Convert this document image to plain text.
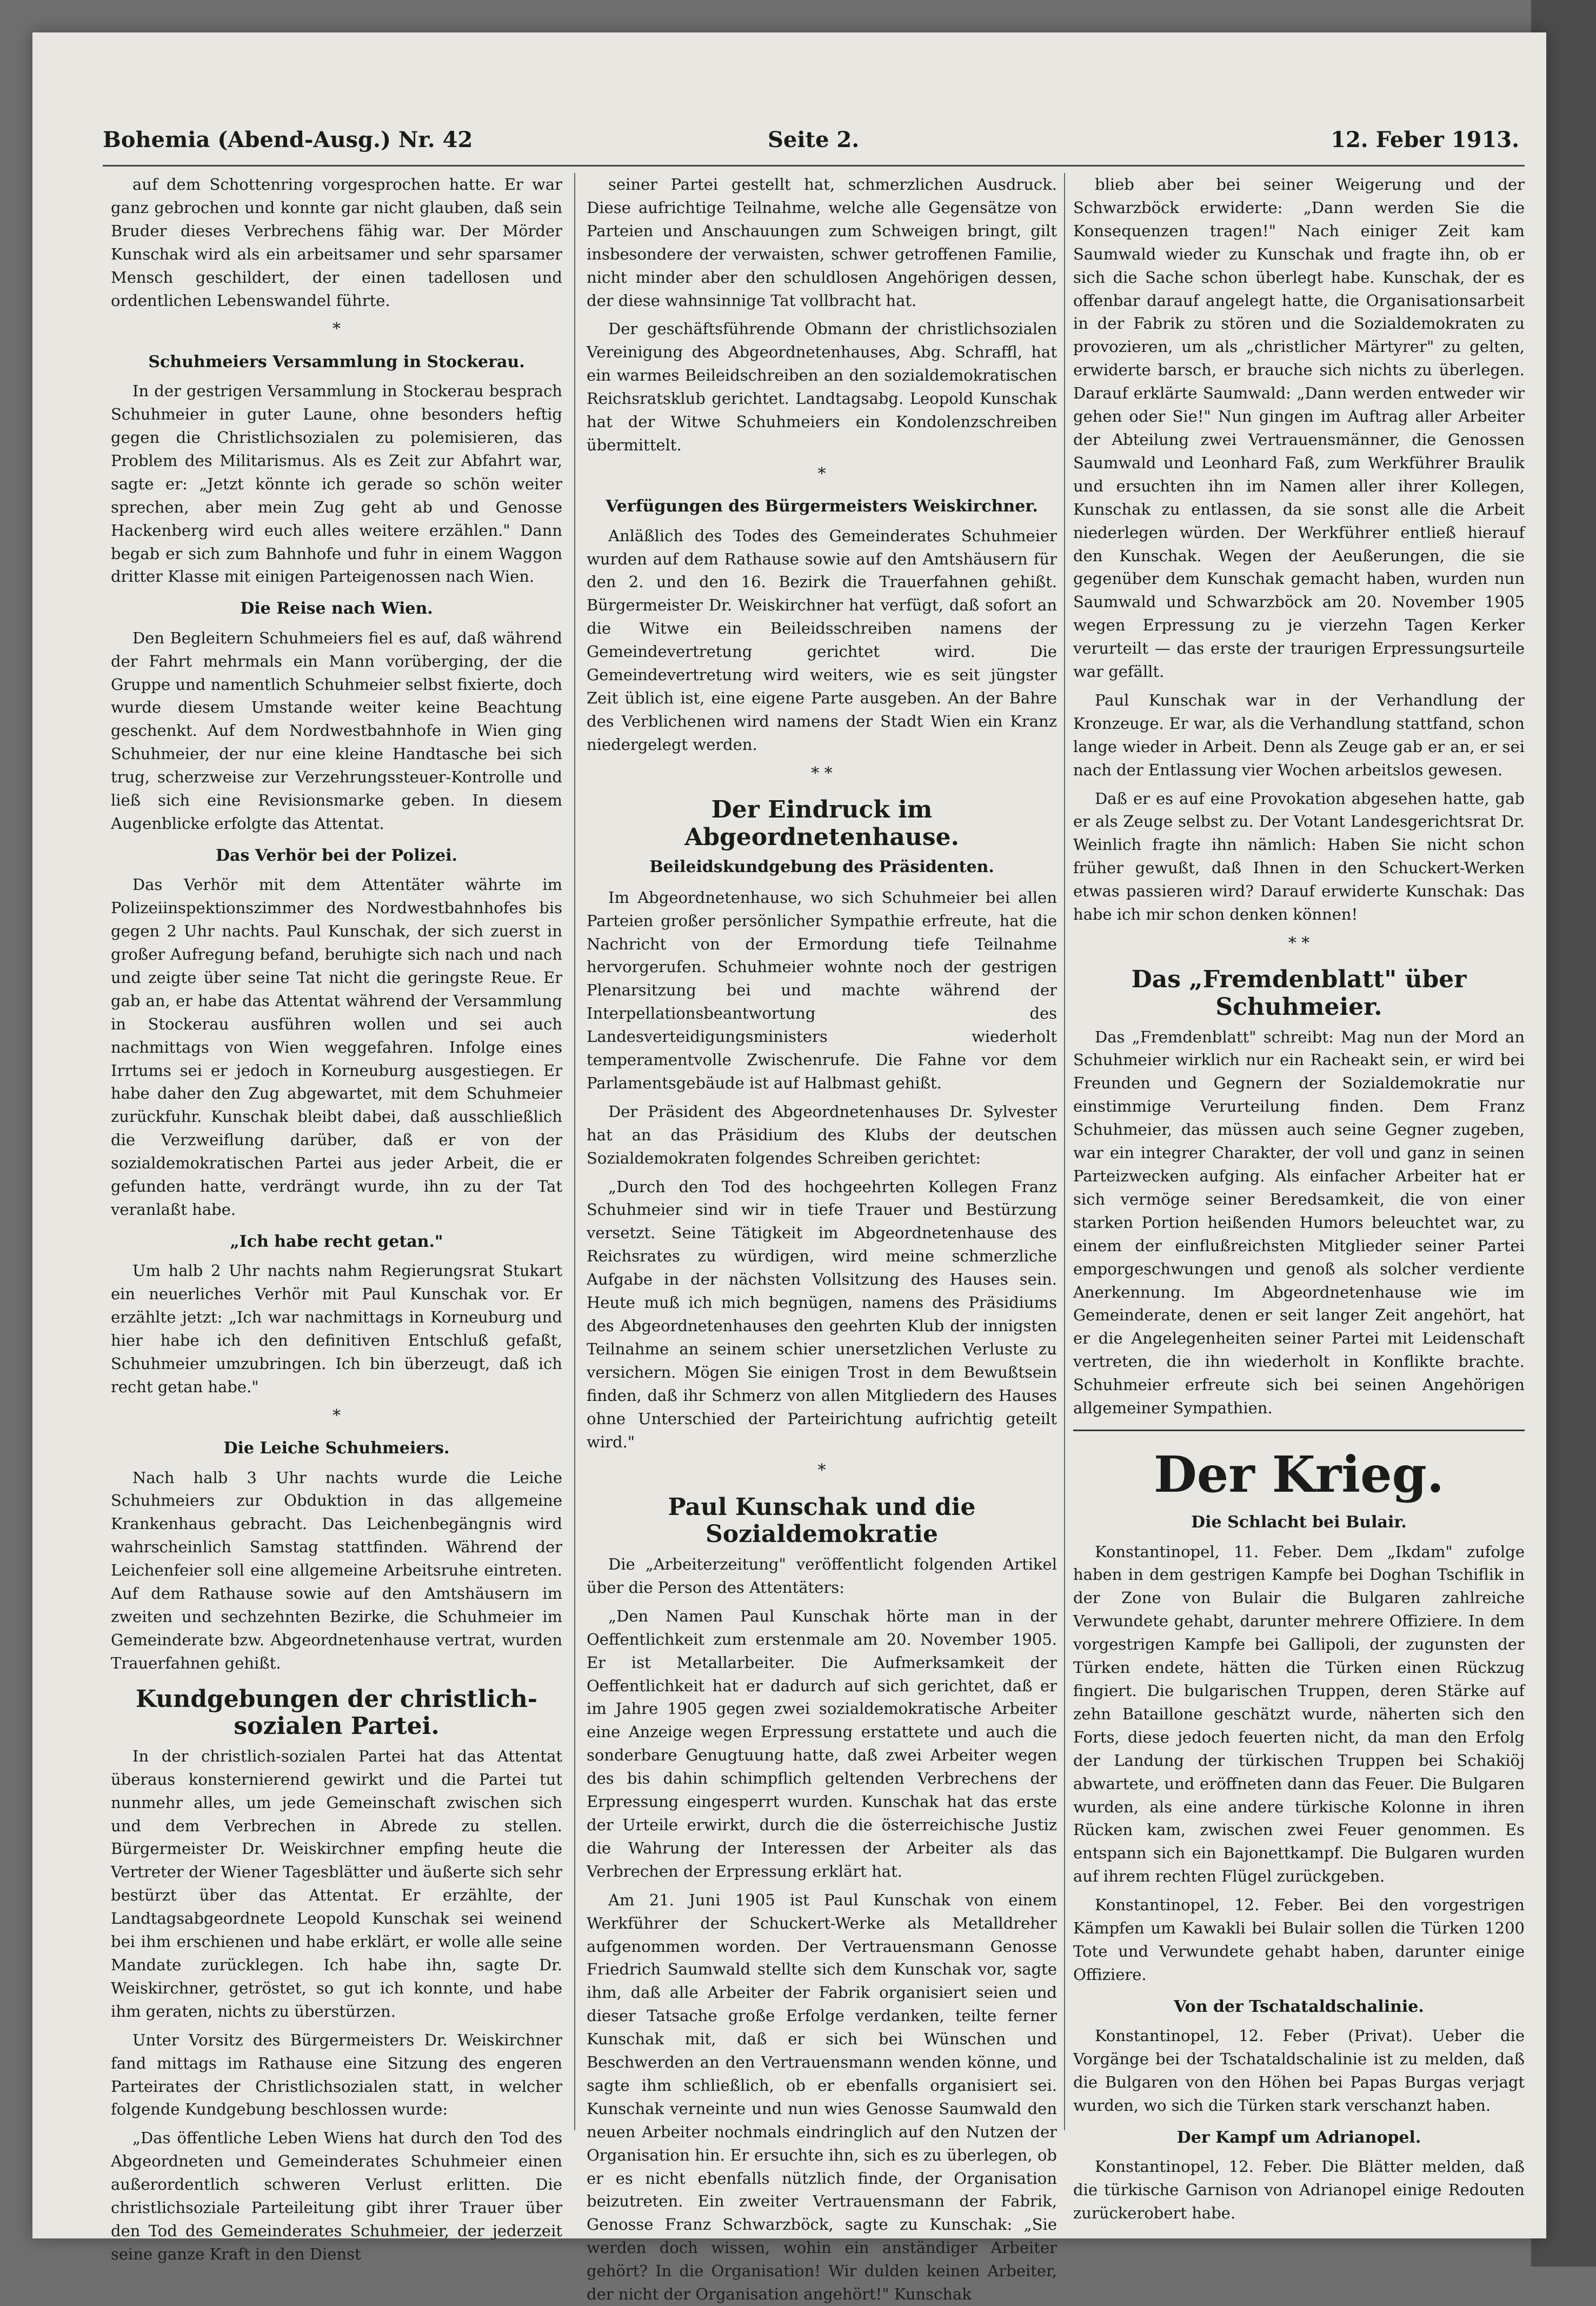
Bohemia (Abend-Ausg.) Nr. 42	Seite 2.	12. Feber 1913.

auf dem Schottenring vorgesprochen hatte. Er war ganz gebrochen und konnte gar nicht glauben, daß sein Bruder dieses Verbrechens fähig war. Der Mörder Kunschak wird als ein arbeitsamer und sehr sparsamer Mensch geschildert, der einen tadellosen und ordentlichen Lebenswandel führte.

*
Schuhmeiers Versammlung in Stockerau.

In der gestrigen Versammlung in Stockerau besprach Schuhmeier in guter Laune, ohne besonders heftig gegen die Christlichsozialen zu polemisieren, das Problem des Militarismus. Als es Zeit zur Abfahrt war, sagte er: „Jetzt könnte ich gerade so schön weiter sprechen, aber mein Zug geht ab und Genosse Hackenberg wird euch alles weitere erzählen." Dann begab er sich zum Bahnhofe und fuhr in einem Waggon dritter Klasse mit einigen Parteigenossen nach Wien.

Die Reise nach Wien.

Den Begleitern Schuhmeiers fiel es auf, daß während der Fahrt mehrmals ein Mann vorüberging, der die Gruppe und namentlich Schuhmeier selbst fixierte, doch wurde diesem Umstande weiter keine Beachtung geschenkt. Auf dem Nordwestbahnhofe in Wien ging Schuhmeier, der nur eine kleine Handtasche bei sich trug, scherzweise zur Verzehrungssteuer-Kontrolle und ließ sich eine Revisionsmarke geben. In diesem Augenblicke erfolgte das Attentat.

Das Verhör bei der Polizei.

Das Verhör mit dem Attentäter währte im Polizeiinspektionszimmer des Nordwestbahnhofes bis gegen 2 Uhr nachts. Paul Kunschak, der sich zuerst in großer Aufregung befand, beruhigte sich nach und nach und zeigte über seine Tat nicht die geringste Reue. Er gab an, er habe das Attentat während der Versammlung in Stockerau ausführen wollen und sei auch nachmittags von Wien weggefahren. Infolge eines Irrtums sei er jedoch in Korneuburg ausgestiegen. Er habe daher den Zug abgewartet, mit dem Schuhmeier zurückfuhr. Kunschak bleibt dabei, daß ausschließlich die Verzweiflung darüber, daß er von der sozialdemokratischen Partei aus jeder Arbeit, die er gefunden hatte, verdrängt wurde, ihn zu der Tat veranlaßt habe.

„Ich habe recht getan."

Um halb 2 Uhr nachts nahm Regierungsrat Stukart ein neuerliches Verhör mit Paul Kunschak vor. Er erzählte jetzt: „Ich war nachmittags in Korneuburg und hier habe ich den definitiven Entschluß gefaßt, Schuhmeier umzubringen. Ich bin überzeugt, daß ich recht getan habe."

*
Die Leiche Schuhmeiers.

Nach halb 3 Uhr nachts wurde die Leiche Schuhmeiers zur Obduktion in das allgemeine Krankenhaus gebracht. Das Leichenbegängnis wird wahrscheinlich Samstag stattfinden. Während der Leichenfeier soll eine allgemeine Arbeitsruhe eintreten. Auf dem Rathause sowie auf den Amtshäusern im zweiten und sechzehnten Bezirke, die Schuhmeier im Gemeinderate bzw. Abgeordnetenhause vertrat, wurden Trauerfahnen gehißt.

Kundgebungen der christlich-sozialen Partei.

In der christlich-sozialen Partei hat das Attentat überaus konsternierend gewirkt und die Partei tut nunmehr alles, um jede Gemeinschaft zwischen sich und dem Verbrechen in Abrede zu stellen. Bürgermeister Dr. Weiskirchner empfing heute die Vertreter der Wiener Tagesblätter und äußerte sich sehr bestürzt über das Attentat. Er erzählte, der Landtagsabgeordnete Leopold Kunschak sei weinend bei ihm erschienen und habe erklärt, er wolle alle seine Mandate zurücklegen. Ich habe ihn, sagte Dr. Weiskirchner, getröstet, so gut ich konnte, und habe ihm geraten, nichts zu überstürzen.

Unter Vorsitz des Bürgermeisters Dr. Weiskirchner fand mittags im Rathause eine Sitzung des engeren Parteirates der Christlichsozialen statt, in welcher folgende Kundgebung beschlossen wurde:

„Das öffentliche Leben Wiens hat durch den Tod des Abgeordneten und Gemeinderates Schuhmeier einen außerordentlich schweren Verlust erlitten. Die christlichsoziale Parteileitung gibt ihrer Trauer über den Tod des Gemeinderates Schuhmeier, der jederzeit seine ganze Kraft in den Dienst

seiner Partei gestellt hat, schmerzlichen Ausdruck. Diese aufrichtige Teilnahme, welche alle Gegensätze von Parteien und Anschauungen zum Schweigen bringt, gilt insbesondere der verwaisten, schwer getroffenen Familie, nicht minder aber den schuldlosen Angehörigen dessen, der diese wahnsinnige Tat vollbracht hat.

Der geschäftsführende Obmann der christlichsozialen Vereinigung des Abgeordnetenhauses, Abg. Schraffl, hat ein warmes Beileidschreiben an den sozialdemokratischen Reichsratsklub gerichtet. Landtagsabg. Leopold Kunschak hat der Witwe Schuhmeiers ein Kondolenzschreiben übermittelt.

*
Verfügungen des Bürgermeisters Weiskirchner.

Anläßlich des Todes des Gemeinderates Schuhmeier wurden auf dem Rathause sowie auf den Amtshäusern für den 2. und den 16. Bezirk die Trauerfahnen gehißt. Bürgermeister Dr. Weiskirchner hat verfügt, daß sofort an die Witwe ein Beileidsschreiben namens der Gemeindevertretung gerichtet wird. Die Gemeindevertretung wird weiters, wie es seit jüngster Zeit üblich ist, eine eigene Parte ausgeben. An der Bahre des Verblichenen wird namens der Stadt Wien ein Kranz niedergelegt werden.

* *
Der Eindruck im Abgeordnetenhause.
Beileidskundgebung des Präsidenten.

Im Abgeordnetenhause, wo sich Schuhmeier bei allen Parteien großer persönlicher Sympathie erfreute, hat die Nachricht von der Ermordung tiefe Teilnahme hervorgerufen. Schuhmeier wohnte noch der gestrigen Plenarsitzung bei und machte während der Interpellationsbeantwortung des Landesverteidigungsministers wiederholt temperamentvolle Zwischenrufe. Die Fahne vor dem Parlamentsgebäude ist auf Halbmast gehißt.

Der Präsident des Abgeordnetenhauses Dr. Sylvester hat an das Präsidium des Klubs der deutschen Sozialdemokraten folgendes Schreiben gerichtet:

„Durch den Tod des hochgeehrten Kollegen Franz Schuhmeier sind wir in tiefe Trauer und Bestürzung versetzt. Seine Tätigkeit im Abgeordnetenhause des Reichsrates zu würdigen, wird meine schmerzliche Aufgabe in der nächsten Vollsitzung des Hauses sein. Heute muß ich mich begnügen, namens des Präsidiums des Abgeordnetenhauses den geehrten Klub der innigsten Teilnahme an seinem schier unersetzlichen Verluste zu versichern. Mögen Sie einigen Trost in dem Bewußtsein finden, daß ihr Schmerz von allen Mitgliedern des Hauses ohne Unterschied der Parteirichtung aufrichtig geteilt wird."

*
Paul Kunschak und die Sozialdemokratie

Die „Arbeiterzeitung" veröffentlicht folgenden Artikel über die Person des Attentäters:

„Den Namen Paul Kunschak hörte man in der Oeffentlichkeit zum erstenmale am 20. November 1905. Er ist Metallarbeiter. Die Aufmerksamkeit der Oeffentlichkeit hat er dadurch auf sich gerichtet, daß er im Jahre 1905 gegen zwei sozialdemokratische Arbeiter eine Anzeige wegen Erpressung erstattete und auch die sonderbare Genugtuung hatte, daß zwei Arbeiter wegen des bis dahin schimpflich geltenden Verbrechens der Erpressung eingesperrt wurden. Kunschak hat das erste der Urteile erwirkt, durch die die österreichische Justiz die Wahrung der Interessen der Arbeiter als das Verbrechen der Erpressung erklärt hat.

Am 21. Juni 1905 ist Paul Kunschak von einem Werkführer der Schuckert-Werke als Metalldreher aufgenommen worden. Der Vertrauensmann Genosse Friedrich Saumwald stellte sich dem Kunschak vor, sagte ihm, daß alle Arbeiter der Fabrik organisiert seien und dieser Tatsache große Erfolge verdanken, teilte ferner Kunschak mit, daß er sich bei Wünschen und Beschwerden an den Vertrauensmann wenden könne, und sagte ihm schließlich, ob er ebenfalls organisiert sei. Kunschak verneinte und nun wies Genosse Saumwald den neuen Arbeiter nochmals eindringlich auf den Nutzen der Organisation hin. Er ersuchte ihn, sich es zu überlegen, ob er es nicht ebenfalls nützlich finde, der Organisation beizutreten. Ein zweiter Vertrauensmann der Fabrik, Genosse Franz Schwarzböck, sagte zu Kunschak: „Sie werden doch wissen, wohin ein anständiger Arbeiter gehört? In die Organisation! Wir dulden keinen Arbeiter, der nicht der Organisation angehört!" Kunschak

blieb aber bei seiner Weigerung und der Schwarzböck erwiderte: „Dann werden Sie die Konsequenzen tragen!" Nach einiger Zeit kam Saumwald wieder zu Kunschak und fragte ihn, ob er sich die Sache schon überlegt habe. Kunschak, der es offenbar darauf angelegt hatte, die Organisationsarbeit in der Fabrik zu stören und die Sozialdemokraten zu provozieren, um als „christlicher Märtyrer" zu gelten, erwiderte barsch, er brauche sich nichts zu überlegen. Darauf erklärte Saumwald: „Dann werden entweder wir gehen oder Sie!" Nun gingen im Auftrag aller Arbeiter der Abteilung zwei Vertrauensmänner, die Genossen Saumwald und Leonhard Faß, zum Werkführer Braulik und ersuchten ihn im Namen aller ihrer Kollegen, Kunschak zu entlassen, da sie sonst alle die Arbeit niederlegen würden. Der Werkführer entließ hierauf den Kunschak. Wegen der Aeußerungen, die sie gegenüber dem Kunschak gemacht haben, wurden nun Saumwald und Schwarzböck am 20. November 1905 wegen Erpressung zu je vierzehn Tagen Kerker verurteilt — das erste der traurigen Erpressungsurteile war gefällt.

Paul Kunschak war in der Verhandlung der Kronzeuge. Er war, als die Verhandlung stattfand, schon lange wieder in Arbeit. Denn als Zeuge gab er an, er sei nach der Entlassung vier Wochen arbeitslos gewesen.

Daß er es auf eine Provokation abgesehen hatte, gab er als Zeuge selbst zu. Der Votant Landesgerichtsrat Dr. Weinlich fragte ihn nämlich: Haben Sie nicht schon früher gewußt, daß Ihnen in den Schuckert-Werken etwas passieren wird? Darauf erwiderte Kunschak: Das habe ich mir schon denken können!

* *
Das „Fremdenblatt" über Schuhmeier.

Das „Fremdenblatt" schreibt: Mag nun der Mord an Schuhmeier wirklich nur ein Racheakt sein, er wird bei Freunden und Gegnern der Sozialdemokratie nur einstimmige Verurteilung finden. Dem Franz Schuhmeier, das müssen auch seine Gegner zugeben, war ein integrer Charakter, der voll und ganz in seinen Parteizwecken aufging. Als einfacher Arbeiter hat er sich vermöge seiner Beredsamkeit, die von einer starken Portion heißenden Humors beleuchtet war, zu einem der einflußreichsten Mitglieder seiner Partei emporgeschwungen und genoß als solcher verdiente Anerkennung. Im Abgeordnetenhause wie im Gemeinderate, denen er seit langer Zeit angehört, hat er die Angelegenheiten seiner Partei mit Leidenschaft vertreten, die ihn wiederholt in Konflikte brachte. Schuhmeier erfreute sich bei seinen Angehörigen allgemeiner Sympathien.

Der Krieg.
Die Schlacht bei Bulair.

Konstantinopel, 11. Feber. Dem „Ikdam" zufolge haben in dem gestrigen Kampfe bei Doghan Tschiflik in der Zone von Bulair die Bulgaren zahlreiche Verwundete gehabt, darunter mehrere Offiziere. In dem vorgestrigen Kampfe bei Gallipoli, der zugunsten der Türken endete, hätten die Türken einen Rückzug fingiert. Die bulgarischen Truppen, deren Stärke auf zehn Bataillone geschätzt wurde, näherten sich den Forts, diese jedoch feuerten nicht, da man den Erfolg der Landung der türkischen Truppen bei Schakiöj abwartete, und eröffneten dann das Feuer. Die Bulgaren wurden, als eine andere türkische Kolonne in ihren Rücken kam, zwischen zwei Feuer genommen. Es entspann sich ein Bajonettkampf. Die Bulgaren wurden auf ihrem rechten Flügel zurückgeben.

Konstantinopel, 12. Feber. Bei den vorgestrigen Kämpfen um Kawakli bei Bulair sollen die Türken 1200 Tote und Verwundete gehabt haben, darunter einige Offiziere.

Von der Tschataldschalinie.

Konstantinopel, 12. Feber (Privat). Ueber die Vorgänge bei der Tschataldschalinie ist zu melden, daß die Bulgaren von den Höhen bei Papas Burgas verjagt wurden, wo sich die Türken stark verschanzt haben.

Der Kampf um Adrianopel.

Konstantinopel, 12. Feber. Die Blätter melden, daß die türkische Garnison von Adrianopel einige Redouten zurückerobert habe.
